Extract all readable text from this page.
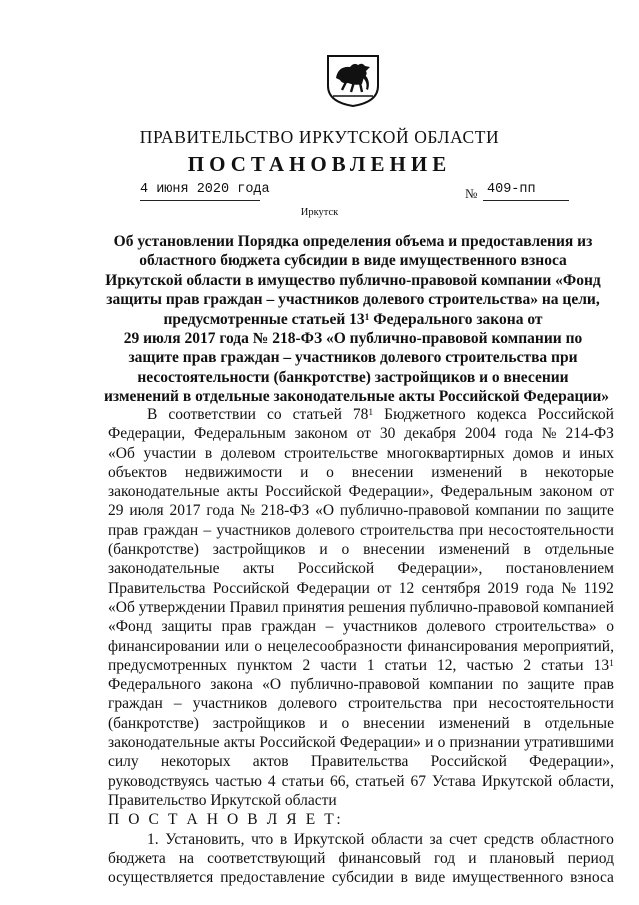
ПРАВИТЕЛЬСТВО ИРКУТСКОЙ ОБЛАСТИ
ПОСТАНОВЛЕНИЕ
4 июня 2020 года	№ 409-пп
Иркутск
Об установлении Порядка определения объема и предоставления из
областного бюджета субсидии в виде имущественного взноса
Иркутской области в имущество публично-правовой компании «Фонд
защиты прав граждан – участников долевого строительства» на цели,
предусмотренные статьей $13^1$ Федерального закона от
29 июля 2017 года № 218-ФЗ «О публично-правовой компании по
защите прав граждан – участников долевого строительства при
несостоятельности (банкротстве) застройщиков и о внесении
изменений в отдельные законодательные акты Российской Федерации»
В соответствии со статьей $78^1$ Бюджетного кодекса Российской
Федерации, Федеральным законом от 30 декабря 2004 года № 214-ФЗ
«Об участии в долевом строительстве многоквартирных домов и иных
объектов недвижимости и о внесении изменений в некоторые
законодательные акты Российской Федерации», Федеральным законом от
29 июля 2017 года № 218-ФЗ «О публично-правовой компании по защите
прав граждан – участников долевого строительства при несостоятельности
(банкротстве) застройщиков и о внесении изменений в отдельные
законодательные акты Российской Федерации», постановлением
Правительства Российской Федерации от 12 сентября 2019 года № 1192
«Об утверждении Правил принятия решения публично-правовой компанией
«Фонд защиты прав граждан – участников долевого строительства» о
финансировании или о нецелесообразности финансирования мероприятий,
предусмотренных пунктом 2 части 1 статьи 12, частью 2 статьи $13^1$
Федерального закона «О публично-правовой компании по защите прав
граждан – участников долевого строительства при несостоятельности
(банкротстве) застройщиков и о внесении изменений в отдельные
законодательные акты Российской Федерации» и о признании утратившими
силу некоторых актов Правительства Российской Федерации»,
руководствуясь частью 4 статьи 66, статьей 67 Устава Иркутской области,
Правительство Иркутской области
П О С Т А Н О В Л Я Е Т:
1. Установить, что в Иркутской области за счет средств областного
бюджета на соответствующий финансовый год и плановый период
осуществляется предоставление субсидии в виде имущественного взноса
